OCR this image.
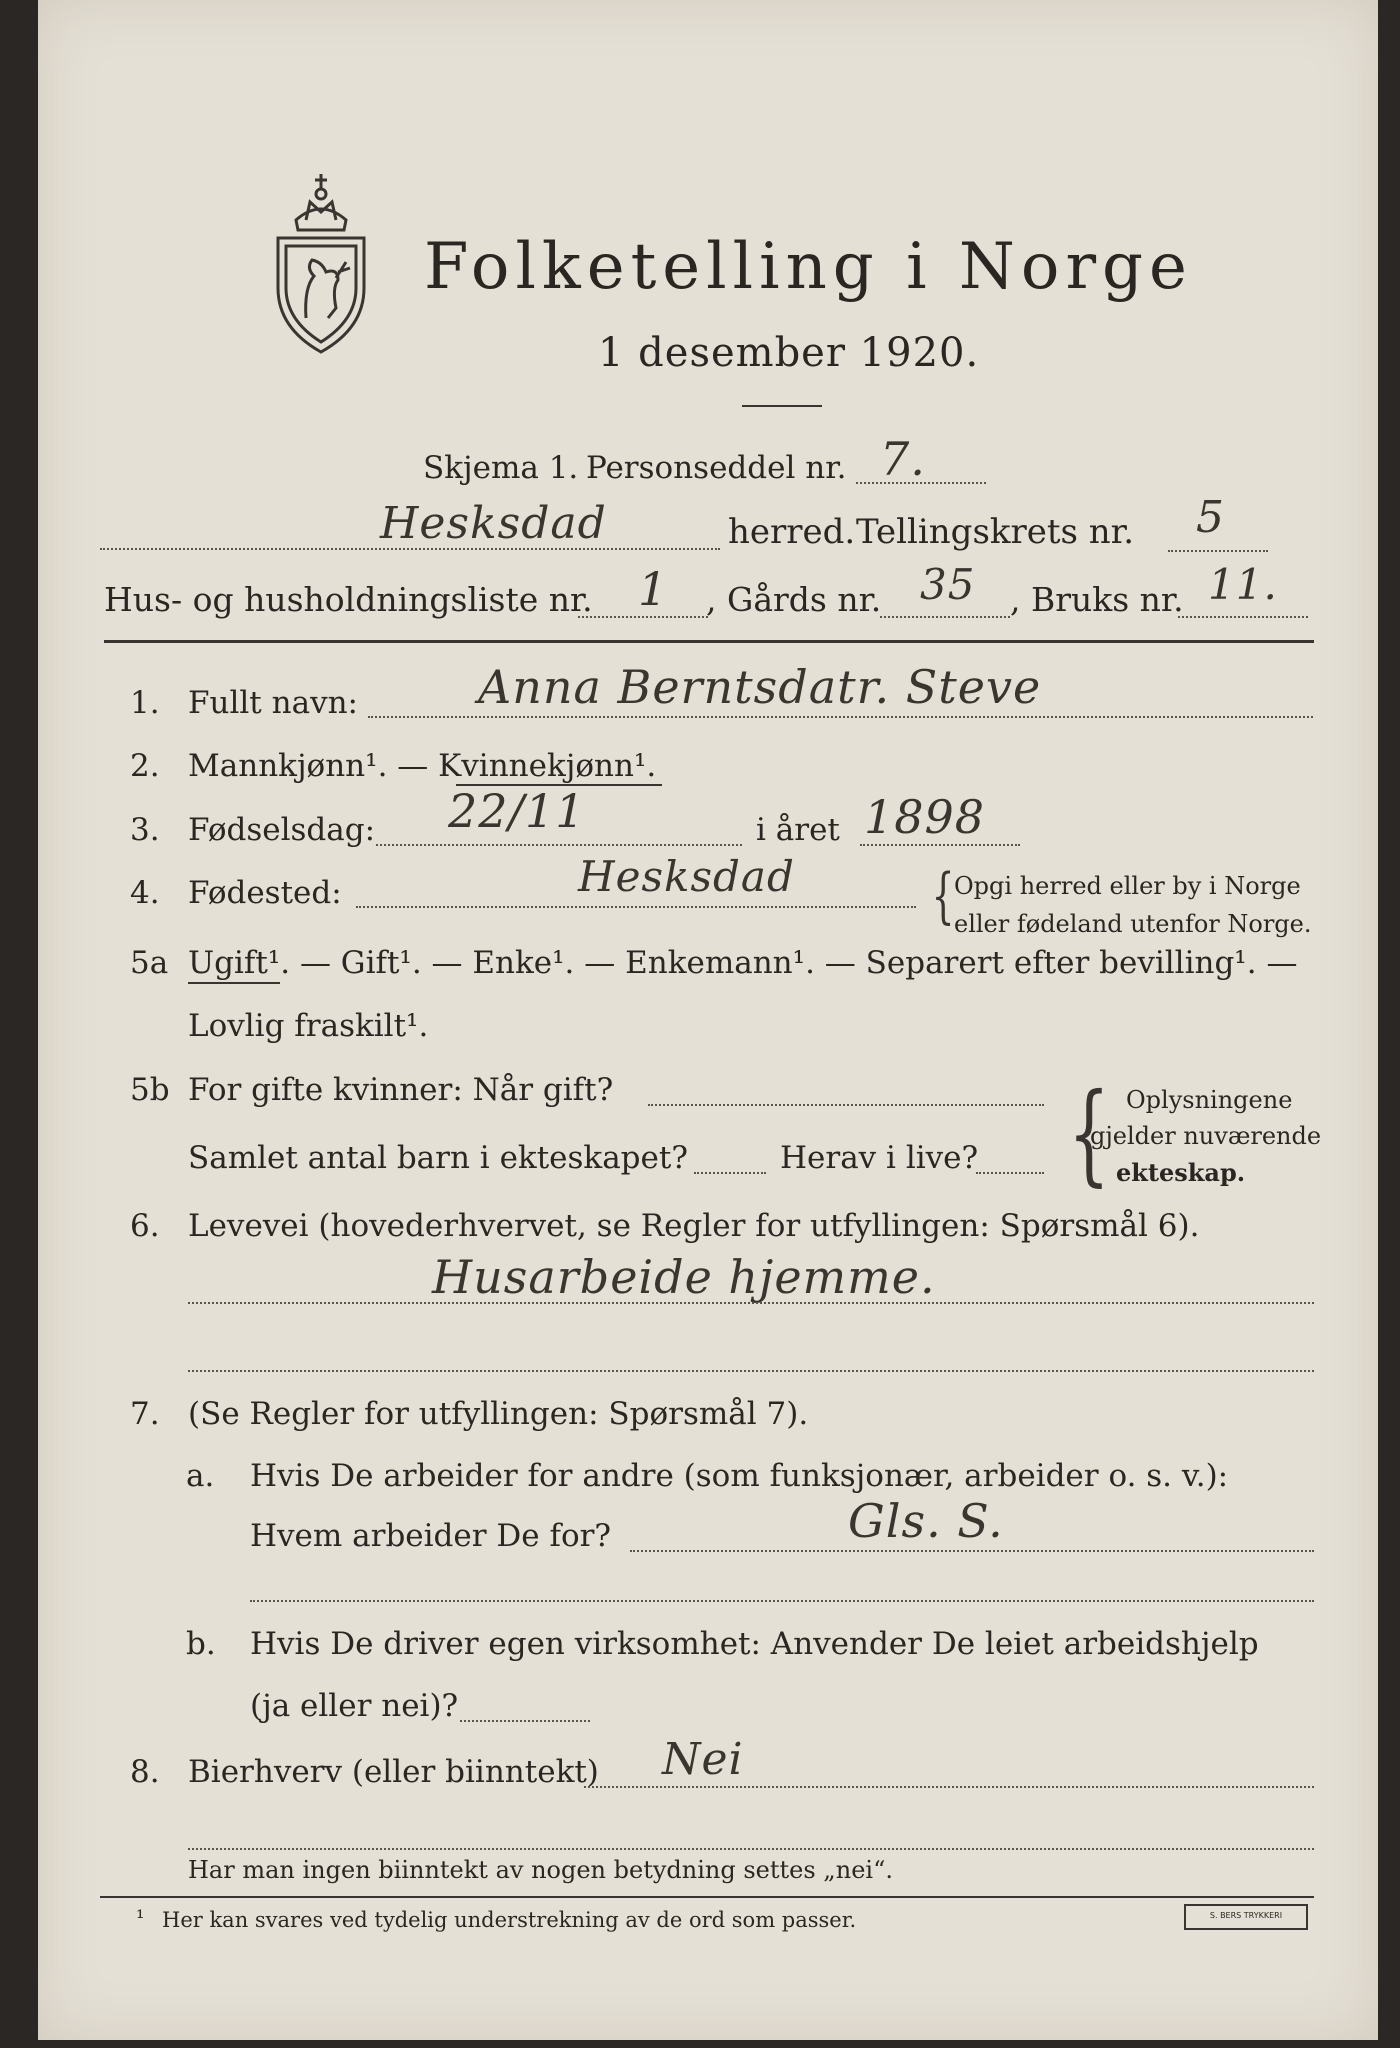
Folketelling i Norge
1 desember 1920.
Skjema 1. Personseddel nr. 7.
Hesksdad	herred. Tellingskrets nr. 5
Hus- og husholdningsliste nr. 1 , Gårds nr. 35 , Bruks nr. 11.
1. Fullt navn:	Anna Berntsdatr. Steve
2. Mannkjønn¹. — Kvinnekjønn¹.
3. Fødselsdag: 22/11	i året 1898
4. Fødested:	Hesksdad { Opgi herred eller by i Norge
eller fødeland utenfor Norge.
5a Ugift¹. — Gift¹. — Enke¹. — Enkemann¹. — Separert efter bevilling¹. —
Lovlig fraskilt¹.
5b For gifte kvinner: Når gift?
Samlet antal barn i ekteskapet?	Herav i live? { Oplysningene
gjelder nuværende
ekteskap.
6. Levevei (hovederhvervet, se Regler for utfyllingen: Spørsmål 6).
Husarbeide hjemme.
7. (Se Regler for utfyllingen: Spørsmål 7).
a. Hvis De arbeider for andre (som funksjonær, arbeider o. s. v.):
Hvem arbeider De for?	Gls. S.
b. Hvis De driver egen virksomhet: Anvender De leiet arbeidshjelp
(ja eller nei)?
8. Bierhverv (eller biinntekt) Nei
Har man ingen biinntekt av nogen betydning settes „nei“.
¹ Her kan svares ved tydelig understrekning av de ord som passer.	S. BERS TRYKKERI
